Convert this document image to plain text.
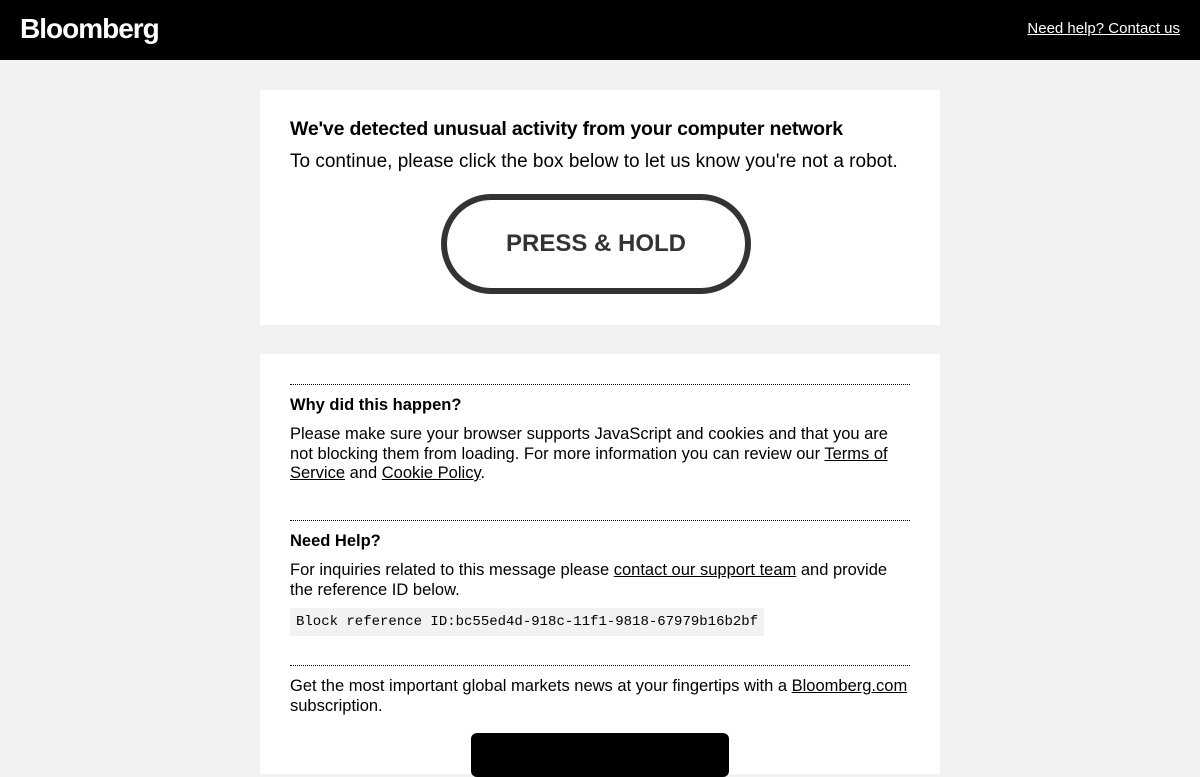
Bloomberg	Need help? Contact us
We've detected unusual activity from your computer network
To continue, please click the box below to let us know you're not a robot.
PRESS & HOLD
Why did this happen?
Please make sure your browser supports JavaScript and cookies and that you are not blocking them from loading. For more information you can review our Terms of Service and Cookie Policy.
Need Help?
For inquiries related to this message please contact our support team and provide the reference ID below.
Block reference ID:bc55ed4d-918c-11f1-9818-67979b16b2bf
Get the most important global markets news at your fingertips with a Bloomberg.com subscription.
